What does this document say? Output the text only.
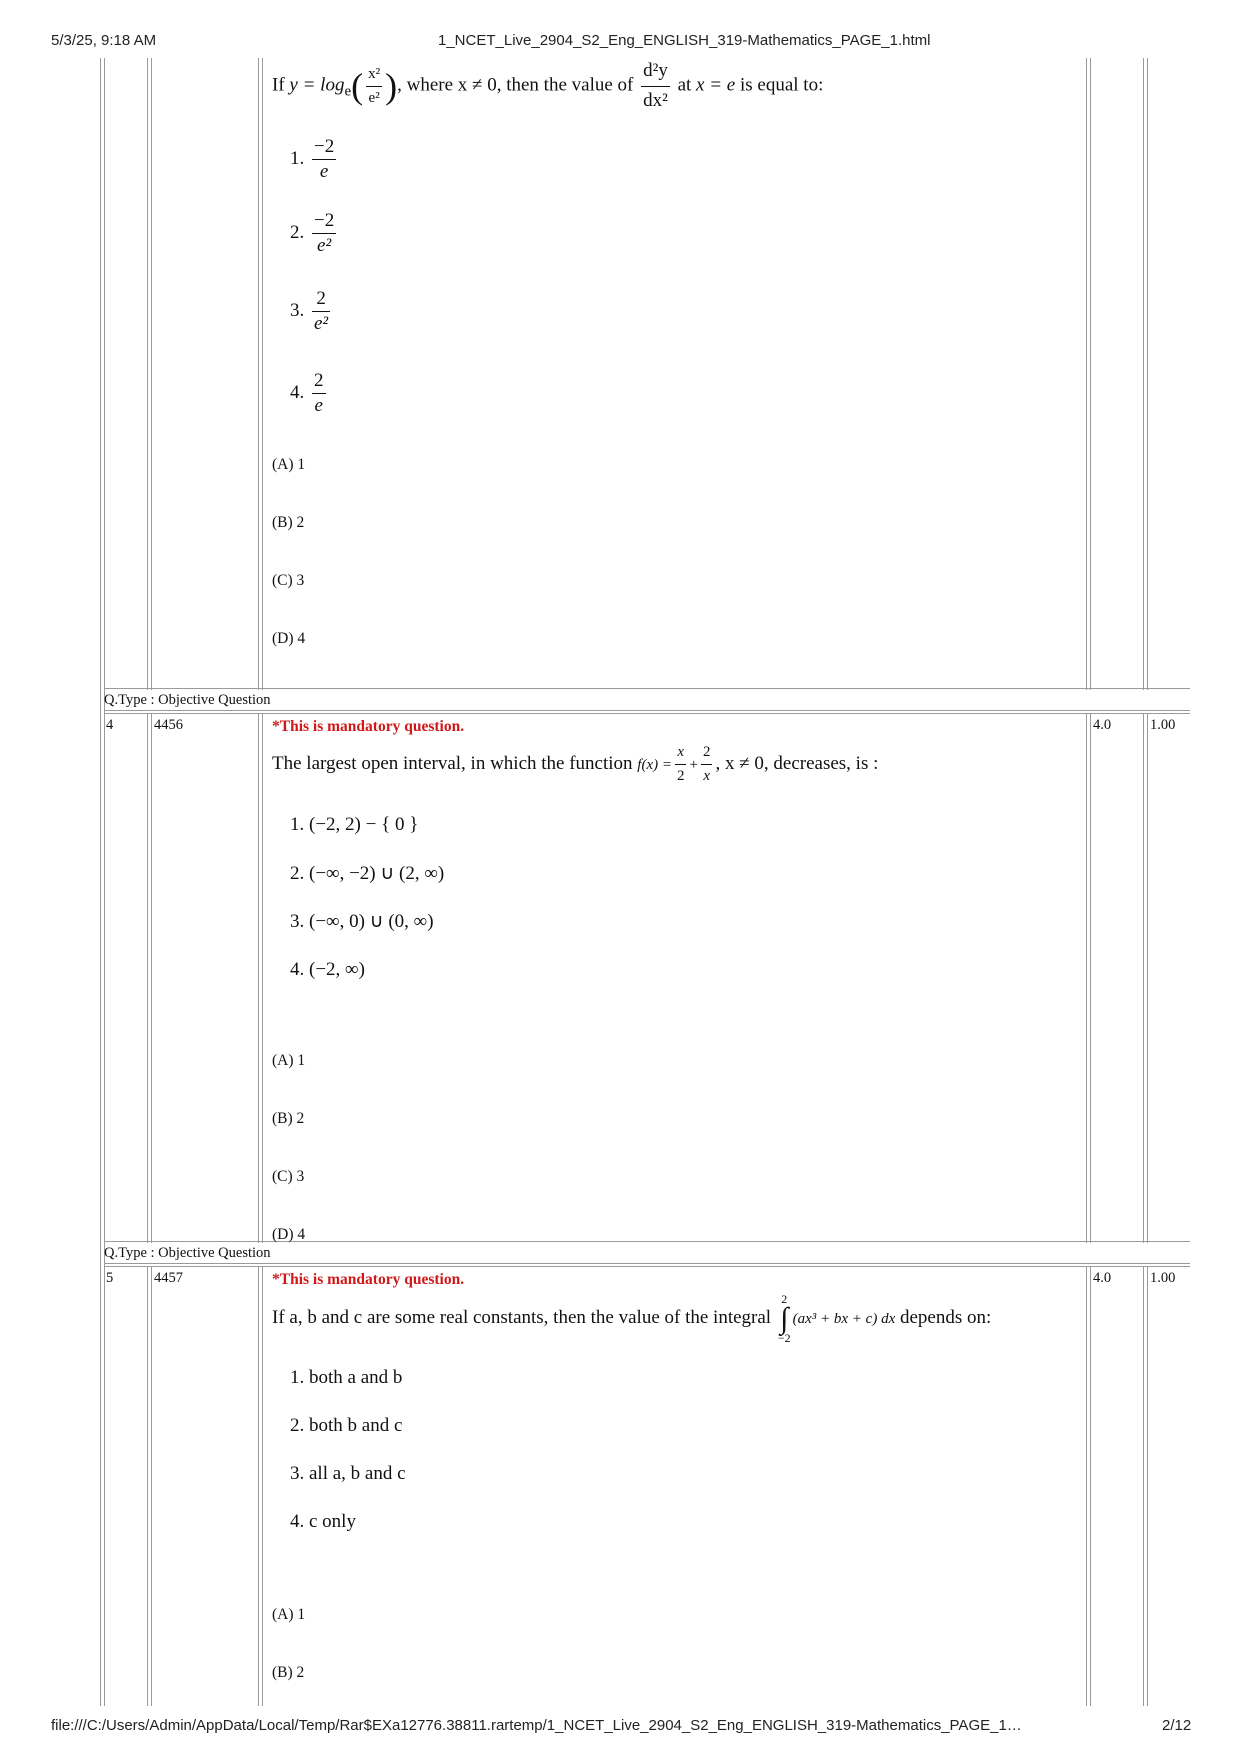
5/3/25, 9:18 AM	1_NCET_Live_2904_S2_Eng_ENGLISH_319-Mathematics_PAGE_1.html
If $y = \log_e( \frac{\text{x²}}{\text{e²}}$ ), where x ≠ 0, then the value of $\frac{\text{d²y}}{\text{dx²}}$ at x = e is equal to:
1. $\frac{-2}{e}$
2. $\frac{-2}{\text{e²}}$
3. $\frac{2}{\text{e²}}$
4. $\frac{2}{e}$
(A) 1
(B) 2
(C) 3
(D) 4
Q.Type : Objective Question
4	4456	4.0	1.00
*This is mandatory question.
The largest open interval, in which the function $f(x) = \frac{x}{2} + \frac{2}{x}$ , x ≠ 0, decreases, is :
1. (−2, 2) − { 0 }
2. (−∞, −2) ∪ (2, ∞)
3. (−∞, 0) ∪ (0, ∞)
4. (−2, ∞)
(A) 1
(B) 2
(C) 3
(D) 4
Q.Type : Objective Question
5	4457	4.0	1.00
*This is mandatory question.
If a, b and c are some real constants, then the value of the integral 2
∫
−2(ax³ + bx + c) dx depends on:
1. both a and b
2. both b and c
3. all a, b and c
4. c only
(A) 1
(B) 2
file:///C:/Users/Admin/AppData/Local/Temp/Rar$EXa12776.38811.rartemp/1_NCET_Live_2904_S2_Eng_ENGLISH_319-Mathematics_PAGE_1…	2/12
